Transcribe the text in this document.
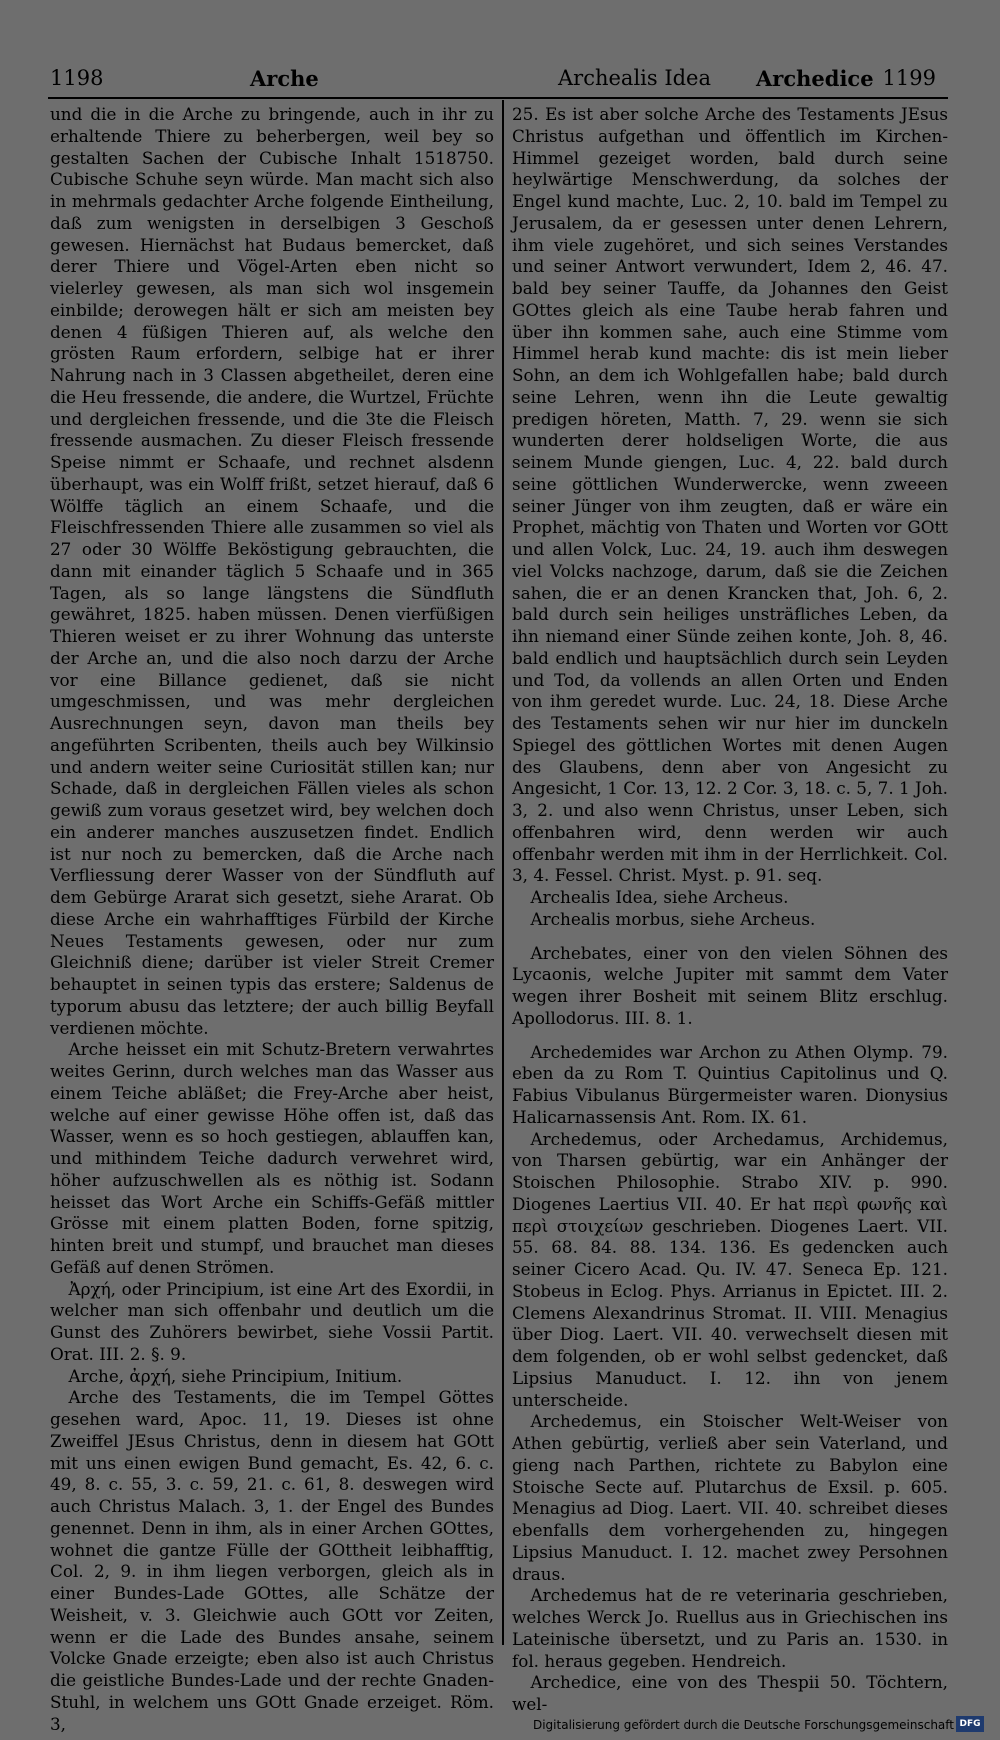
1198	Arche	Archealis Idea Archedice 1199

und die in die Arche zu bringende, auch in ihr zu erhaltende Thiere zu beherbergen, weil bey so gestalten Sachen der Cubische Inhalt 1518750. Cubische Schuhe seyn würde. Man macht sich also in mehrmals gedachter Arche folgende Eintheilung, daß zum wenigsten in derselbigen 3 Geschoß gewesen. Hiernächst hat Budaus bemercket, daß derer Thiere und Vögel-Arten eben nicht so vielerley gewesen, als man sich wol insgemein einbilde; derowegen hält er sich am meisten bey denen 4 füßigen Thieren auf, als welche den grösten Raum erfordern, selbige hat er ihrer Nahrung nach in 3 Classen abgetheilet, deren eine die Heu fressende, die andere, die Wurtzel, Früchte und dergleichen fressende, und die 3te die Fleisch fressende ausmachen. Zu dieser Fleisch fressende Speise nimmt er Schaafe, und rechnet alsdenn überhaupt, was ein Wolff frißt, setzet hierauf, daß 6 Wölffe täglich an einem Schaafe, und die Fleischfressenden Thiere alle zusammen so viel als 27 oder 30 Wölffe Beköstigung gebrauchten, die dann mit einander täglich 5 Schaafe und in 365 Tagen, als so lange längstens die Sündfluth gewähret, 1825. haben müssen. Denen vierfüßigen Thieren weiset er zu ihrer Wohnung das unterste der Arche an, und die also noch darzu der Arche vor eine Billance gedienet, daß sie nicht umgeschmissen, und was mehr dergleichen Ausrechnungen seyn, davon man theils bey angeführten Scribenten, theils auch bey Wilkinsio und andern weiter seine Curiosität stillen kan; nur Schade, daß in dergleichen Fällen vieles als schon gewiß zum voraus gesetzet wird, bey welchen doch ein anderer manches auszusetzen findet. Endlich ist nur noch zu bemercken, daß die Arche nach Verfliessung derer Wasser von der Sündfluth auf dem Gebürge Ararat sich gesetzt, siehe Ararat. Ob diese Arche ein wahrhafftiges Fürbild der Kirche Neues Testaments gewesen, oder nur zum Gleichniß diene; darüber ist vieler Streit Cremer behauptet in seinen typis das erstere; Saldenus de typorum abusu das letztere; der auch billig Beyfall verdienen möchte.

Arche heisset ein mit Schutz-Bretern verwahrtes weites Gerinn, durch welches man das Wasser aus einem Teiche abläßet; die Frey-Arche aber heist, welche auf einer gewisse Höhe offen ist, daß das Wasser, wenn es so hoch gestiegen, ablauffen kan, und mithindem Teiche dadurch verwehret wird, höher aufzuschwellen als es nöthig ist. Sodann heisset das Wort Arche ein Schiffs-Gefäß mittler Grösse mit einem platten Boden, forne spitzig, hinten breit und stumpf, und brauchet man dieses Gefäß auf denen Strömen.

Ἀρχή, oder Principium, ist eine Art des Exordii, in welcher man sich offenbahr und deutlich um die Gunst des Zuhörers bewirbet, siehe Vossii Partit. Orat. III. 2. §. 9.

Arche, ἀρχή, siehe Principium, Initium.

Arche des Testaments, die im Tempel Göttes gesehen ward, Apoc. 11, 19. Dieses ist ohne Zweiffel JEsus Christus, denn in diesem hat GOtt mit uns einen ewigen Bund gemacht, Es. 42, 6. c. 49, 8. c. 55, 3. c. 59, 21. c. 61, 8. deswegen wird auch Christus Malach. 3, 1. der Engel des Bundes genennet. Denn in ihm, als in einer Archen GOttes, wohnet die gantze Fülle der GOttheit leibhafftig, Col. 2, 9. in ihm liegen verborgen, gleich als in einer Bundes-Lade GOttes, alle Schätze der Weisheit, v. 3. Gleichwie auch GOtt vor Zeiten, wenn er die Lade des Bundes ansahe, seinem Volcke Gnade erzeigte; eben also ist auch Christus die geistliche Bundes-Lade und der rechte Gnaden-Stuhl, in welchem uns GOtt Gnade erzeiget. Röm. 3,

25. Es ist aber solche Arche des Testaments JEsus Christus aufgethan und öffentlich im Kirchen-Himmel gezeiget worden, bald durch seine heylwärtige Menschwerdung, da solches der Engel kund machte, Luc. 2, 10. bald im Tempel zu Jerusalem, da er gesessen unter denen Lehrern, ihm viele zugehöret, und sich seines Verstandes und seiner Antwort verwundert, Idem 2, 46. 47. bald bey seiner Tauffe, da Johannes den Geist GOttes gleich als eine Taube herab fahren und über ihn kommen sahe, auch eine Stimme vom Himmel herab kund machte: dis ist mein lieber Sohn, an dem ich Wohlgefallen habe; bald durch seine Lehren, wenn ihn die Leute gewaltig predigen höreten, Matth. 7, 29. wenn sie sich wunderten derer holdseligen Worte, die aus seinem Munde giengen, Luc. 4, 22. bald durch seine göttlichen Wunderwercke, wenn zweeen seiner Jünger von ihm zeugten, daß er wäre ein Prophet, mächtig von Thaten und Worten vor GOtt und allen Volck, Luc. 24, 19. auch ihm deswegen viel Volcks nachzoge, darum, daß sie die Zeichen sahen, die er an denen Krancken that, Joh. 6, 2. bald durch sein heiliges unsträfliches Leben, da ihn niemand einer Sünde zeihen konte, Joh. 8, 46. bald endlich und hauptsächlich durch sein Leyden und Tod, da vollends an allen Orten und Enden von ihm geredet wurde. Luc. 24, 18. Diese Arche des Testaments sehen wir nur hier im dunckeln Spiegel des göttlichen Wortes mit denen Augen des Glaubens, denn aber von Angesicht zu Angesicht, 1 Cor. 13, 12. 2 Cor. 3, 18. c. 5, 7. 1 Joh. 3, 2. und also wenn Christus, unser Leben, sich offenbahren wird, denn werden wir auch offenbahr werden mit ihm in der Herrlichkeit. Col. 3, 4. Fessel. Christ. Myst. p. 91. seq.

Archealis Idea, siehe Archeus.

Archealis morbus, siehe Archeus.

Archebates, einer von den vielen Söhnen des Lycaonis, welche Jupiter mit sammt dem Vater wegen ihrer Bosheit mit seinem Blitz erschlug. Apollodorus. III. 8. 1.

Archedemides war Archon zu Athen Olymp. 79. eben da zu Rom T. Quintius Capitolinus und Q. Fabius Vibulanus Bürgermeister waren. Dionysius Halicarnassensis Ant. Rom. IX. 61.

Archedemus, oder Archedamus, Archidemus, von Tharsen gebürtig, war ein Anhänger der Stoischen Philosophie. Strabo XIV. p. 990. Diogenes Laertius VII. 40. Er hat περὶ φωνῆς καὶ περὶ στοιχείων geschrieben. Diogenes Laert. VII. 55. 68. 84. 88. 134. 136. Es gedencken auch seiner Cicero Acad. Qu. IV. 47. Seneca Ep. 121. Stobeus in Eclog. Phys. Arrianus in Epictet. III. 2. Clemens Alexandrinus Stromat. II. VIII. Menagius über Diog. Laert. VII. 40. verwechselt diesen mit dem folgenden, ob er wohl selbst gedencket, daß Lipsius Manuduct. I. 12. ihn von jenem unterscheide.

Archedemus, ein Stoischer Welt-Weiser von Athen gebürtig, verließ aber sein Vaterland, und gieng nach Parthen, richtete zu Babylon eine Stoische Secte auf. Plutarchus de Exsil. p. 605. Menagius ad Diog. Laert. VII. 40. schreibet dieses ebenfalls dem vorhergehenden zu, hingegen Lipsius Manuduct. I. 12. machet zwey Persohnen draus.

Archedemus hat de re veterinaria geschrieben, welches Werck Jo. Ruellus aus in Griechischen ins Lateinische übersetzt, und zu Paris an. 1530. in fol. heraus gegeben. Hendreich.

Archedice, eine von des Thespii 50. Töchtern, wel-

Digitalisierung gefördert durch die Deutsche Forschungsgemeinschaft DFG
